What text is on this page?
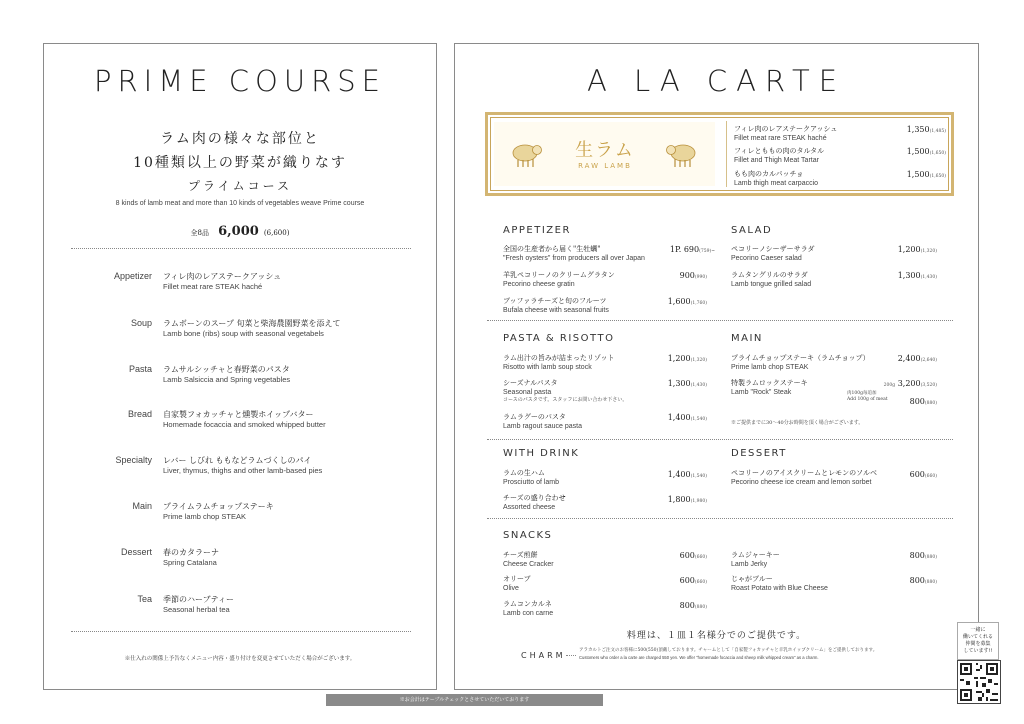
PRIME COURSE
ラム肉の様々な部位と
10種類以上の野菜が織りなす
プライムコース
8 kinds of lamb meat and more than 10 kinds of vegetables weave Prime course
全8品 6,000 (6,600)
Appetizer フィレ肉のレアステークアッシュ
Fillet meat rare STEAK haché
Soup ラムボーンのスープ 旬菜と柴海農園野菜を添えて
Lamb bone (ribs) soup with seasonal vegetabels
Pasta ラムサルシッチャと春野菜のパスタ
Lamb Salsiccia and Spring vegetables
Bread 自家製フォカッチャと燻製ホイップバター
Homemade focaccia and smoked whipped butter
Specialty レバー しびれ ももなどラムづくしのパイ
Liver, thymus, thighs and other lamb-based pies
Main プライムラムチョップステーキ
Prime lamb chop STEAK
Dessert 春のカタラーナ
Spring Catalana
Tea 季節のハーブティー
Seasonal herbal tea
※仕入れの関係上予告なくメニュー内容・盛り付けを変更させていただく場合がございます。
A LA CARTE
生ラム
RAW LAMB
フィレ肉のレアステークアッシュ
Fillet meat rare STEAK haché
1,350(1,485)
フィレとももの肉のタルタル
Fillet and Thigh Meat Tartar
1,500(1,650)
もも肉のカルパッチョ
Lamb thigh meat carpaccio
1,500(1,650)
APPETIZER
全国の生産者から届く"生牡蠣"
"Fresh oysters" from producers all over Japan
1P. 690(759)~
羊乳ペコリーノのクリームグラタン
Pecorino cheese gratin
900(990)
ブッファラチーズと旬のフルーツ
Bufala cheese with seasonal fruits
1,600(1,760)
SALAD
ペコリーノシーザーサラダ
Pecorino Caeser salad
1,200(1,320)
ラムタングリルのサラダ
Lamb tongue grilled salad
1,300(1,430)
PASTA & RISOTTO
ラム出汁の旨みが詰まったリゾット
Risotto with lamb soup stock
1,200(1,320)
シーズナルパスタ
Seasonal pasta
コースのパスタです。スタッフにお問い合わせ下さい。
1,300(1,430)
ラムラグーのパスタ
Lamb ragout sauce pasta
1,400(1,540)
MAIN
プライムチョップステーキ（ラムチョップ）
Prime lamb chop STEAK
2,400(2,640)
特製ラムロックステーキ
Lamb "Rock" Steak
200g 3,200(3,520)
肉100g毎追加
Add 100g of meat	800(880)
※ご提供までに30〜40分お時間を頂く場合がございます。
WITH DRINK
ラムの生ハム
Prosciutto of lamb
1,400(1,540)
チーズの盛り合わせ
Assorted cheese
1,800(1,980)
DESSERT
ペコリーノのアイスクリームとレモンのソルベ
Pecorino cheese ice cream and lemon sorbet
600(660)
SNACKS
チーズ煎餅
Cheese Cracker
600(660)
オリーブ
Olive
600(660)
ラムコンカルネ
Lamb con carne
800(880)
ラムジャーキー
Lamb Jerky
800(880)
じゃがブルー
Roast Potato with Blue Cheese
800(880)
料理は、１皿１名様分でのご提供です。
CHARM
アラカルトご注文のお客様に500(550)頂戴しております。チャームとして「自家製フォカッチャと羊乳ホイップクリーム」をご提供しております。
Customers who order a la carte are charged 550 yen. We offer "homemade focaccia and sheep milk whipped cream" as a charm.
※お会計はテーブルチェックとさせていただいております
一緒に
働いてくれる
仲間を募集
しています!!
